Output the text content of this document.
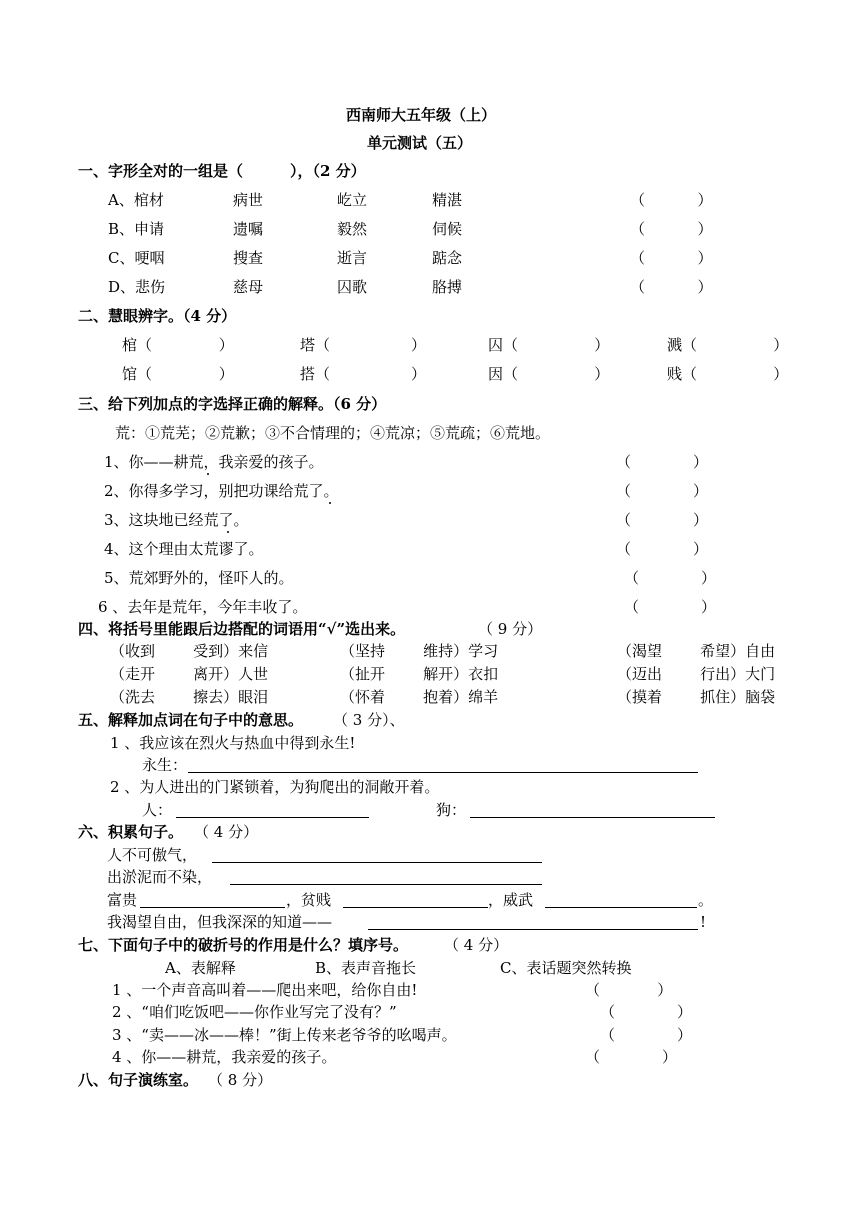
西南师大五年级（上）
单元测试（五）
一、字形全对的一组是（         ），（2 分）
A、棺材	病世	屹立	精湛	（           ）
B、申请	遗嘱	毅然	伺候	（           ）
C、哽咽	搜查	逝言	踮念	（           ）
D、悲伤	慈母	囚歌	胳搏	（           ）
二、慧眼辨字。（4 分）
棺（              ）	塔（                 ）	囚（                ）	溅（                ）
馆（              ）	搭（                 ）	因（                ）	贱（                ）
三、给下列加点的字选择正确的解释。（6 分）
荒：①荒芜；②荒歉；③不合情理的；④荒凉；⑤荒疏；⑥荒地。
1、你——耕荒，我亲爱的孩子。	（             ）
2、你得多学习，别把功课给荒了。	（             ）
3、这块地已经荒了。	（             ）
4、这个理由太荒谬了。	（             ）
5、荒郊野外的，怪吓人的。	（             ）
6 、去年是荒年，今年丰收了。	（             ）
四、将括号里能跟后边搭配的词语用“√”选出来。	（ 9 分）
（收到        受到）来信	（坚持        维持）学习	（渴望        希望）自由
（走开        离开）人世	（扯开        解开）衣扣	（迈出        行出）大门
（洗去        擦去）眼泪	（怀着        抱着）绵羊	（摸着        抓住）脑袋
五、解释加点词在句子中的意思。 （ 3 分）、
1 、我应该在烈火与热血中得到永生!
永生：
2 、为人进出的门紧锁着，为狗爬出的洞敞开着。
人：	狗：
六、积累句子。 （ 4 分）
人不可傲气，
出淤泥而不染，
富贵	，贫贱	，威武	。
我渴望自由，但我深深的知道——	!
七、下面句子中的破折号的作用是什么？填序号。 （ 4 分）
A、表解释	B、表声音拖长	C、表话题突然转换
1 、一个声音高叫着——爬出来吧，给你自由!	（            ）
2 、“咱们吃饭吧——你作业写完了没有？”	（             ）
3 、“卖——冰——棒！”街上传来老爷爷的吆喝声。	（             ）
4 、你——耕荒，我亲爱的孩子。	（             ）
八、句子演练室。 （ 8 分）
